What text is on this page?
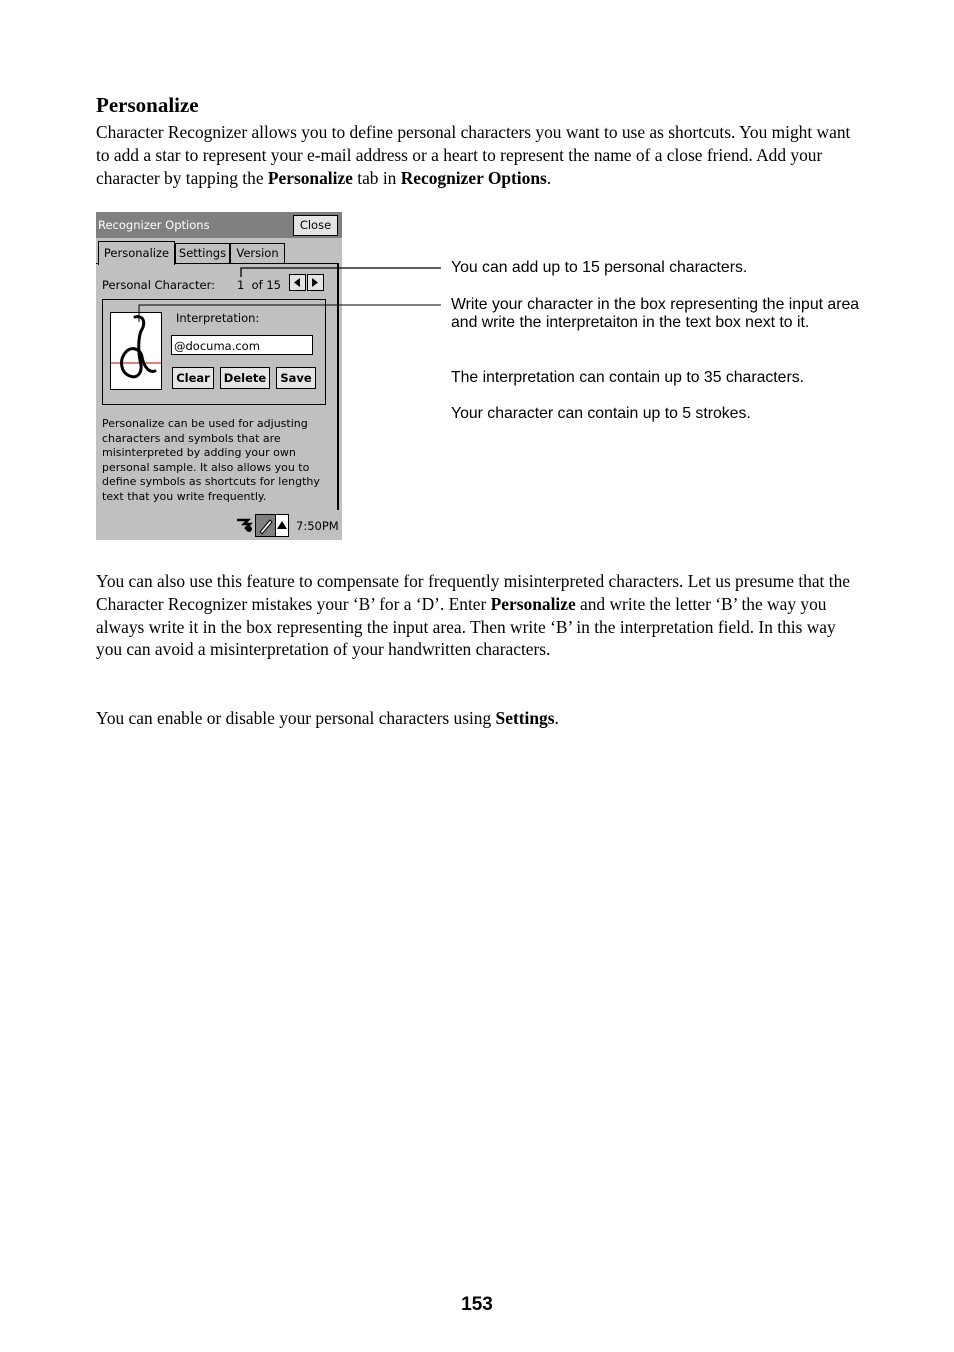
Personalize

Character Recognizer allows you to define personal characters you want to use as shortcuts. You might want to add a star to represent your e-mail address or a heart to represent the name of a close friend. Add your character by tapping the Personalize tab in Recognizer Options.

Recognizer Options	Close
Personalize Settings Version
Personal Character: 1  of 15
Interpretation:
@documa.com
Clear	Delete	Save
Personalize can be used for adjusting characters and symbols that are misinterpreted by adding your own personal sample. It also allows you to define symbols as shortcuts for lengthy text that you write frequently.
7:50PM

You can add up to 15 personal characters.

Write your character in the box representing the input area and write the interpretaiton in the text box next to it.

The interpretation can contain up to 35 characters.

Your character can contain up to 5 strokes.

You can also use this feature to compensate for frequently misinterpreted characters. Let us presume that the Character Recognizer mistakes your ‘B’ for a ‘D’. Enter Personalize and write the letter ‘B’ the way you always write it in the box representing the input area. Then write ‘B’ in the interpretation field. In this way you can avoid a misinterpretation of your handwritten characters.

You can enable or disable your personal characters using Settings.

153
